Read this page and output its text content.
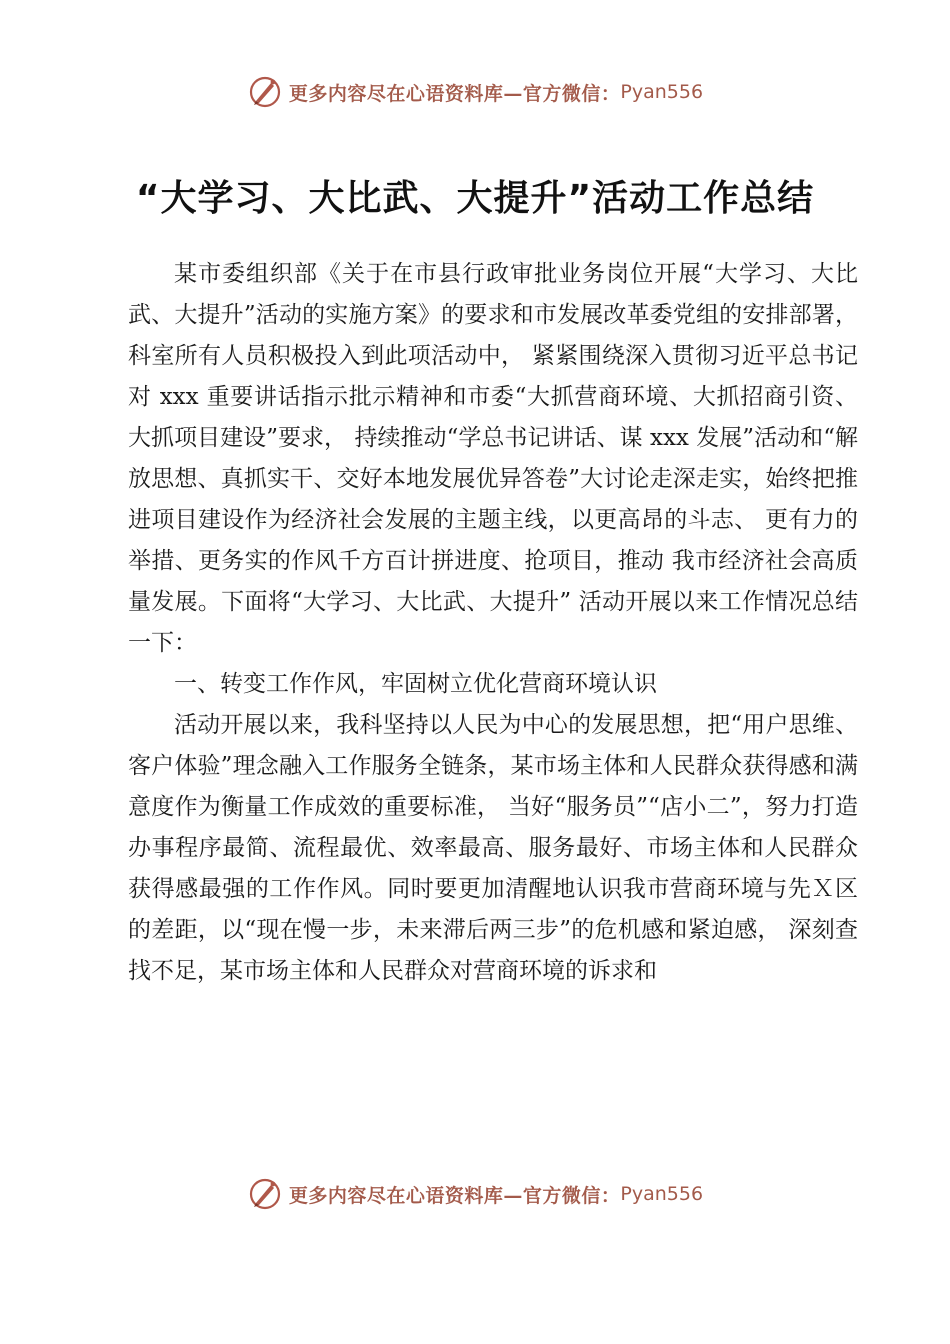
更多内容尽在心语资料库—官方微信： Pyan556
“大学习、大比武、大提升”活动工作总结

某市委组织部《关于在市县行政审批业务岗位开展“大学习、大比武、大提升”活动的实施方案》的要求和市发展改革委党组的安排部署，科室所有人员积极投入到此项活动中， 紧紧围绕深入贯彻习近平总书记对 xxx 重要讲话指示批示精神和市委“大抓营商环境、大抓招商引资、大抓项目建设”要求， 持续推动“学总书记讲话、谋 xxx 发展”活动和“解放思想、真抓实干、交好本地发展优异答卷”大讨论走深走实，始终把推进项目建设作为经济社会发展的主题主线，以更高昂的斗志、 更有力的举措、更务实的作风千方百计拼进度、抢项目，推动 我市经济社会高质量发展。下面将“大学习、大比武、大提升” 活动开展以来工作情况总结一下：

一、转变工作作风，牢固树立优化营商环境认识

活动开展以来，我科坚持以人民为中心的发展思想，把“用户思维、客户体验”理念融入工作服务全链条，某市场主体和人民群众获得感和满意度作为衡量工作成效的重要标准， 当好“服务员”“店小二”，努力打造办事程序最简、流程最优、效率最高、服务最好、市场主体和人民群众获得感最强的工作作风。同时要更加清醒地认识我市营商环境与先Ｘ区的差距，以“现在慢一步，未来滞后两三步”的危机感和紧迫感， 深刻查找不足，某市场主体和人民群众对营商环境的诉求和

更多内容尽在心语资料库—官方微信： Pyan556
